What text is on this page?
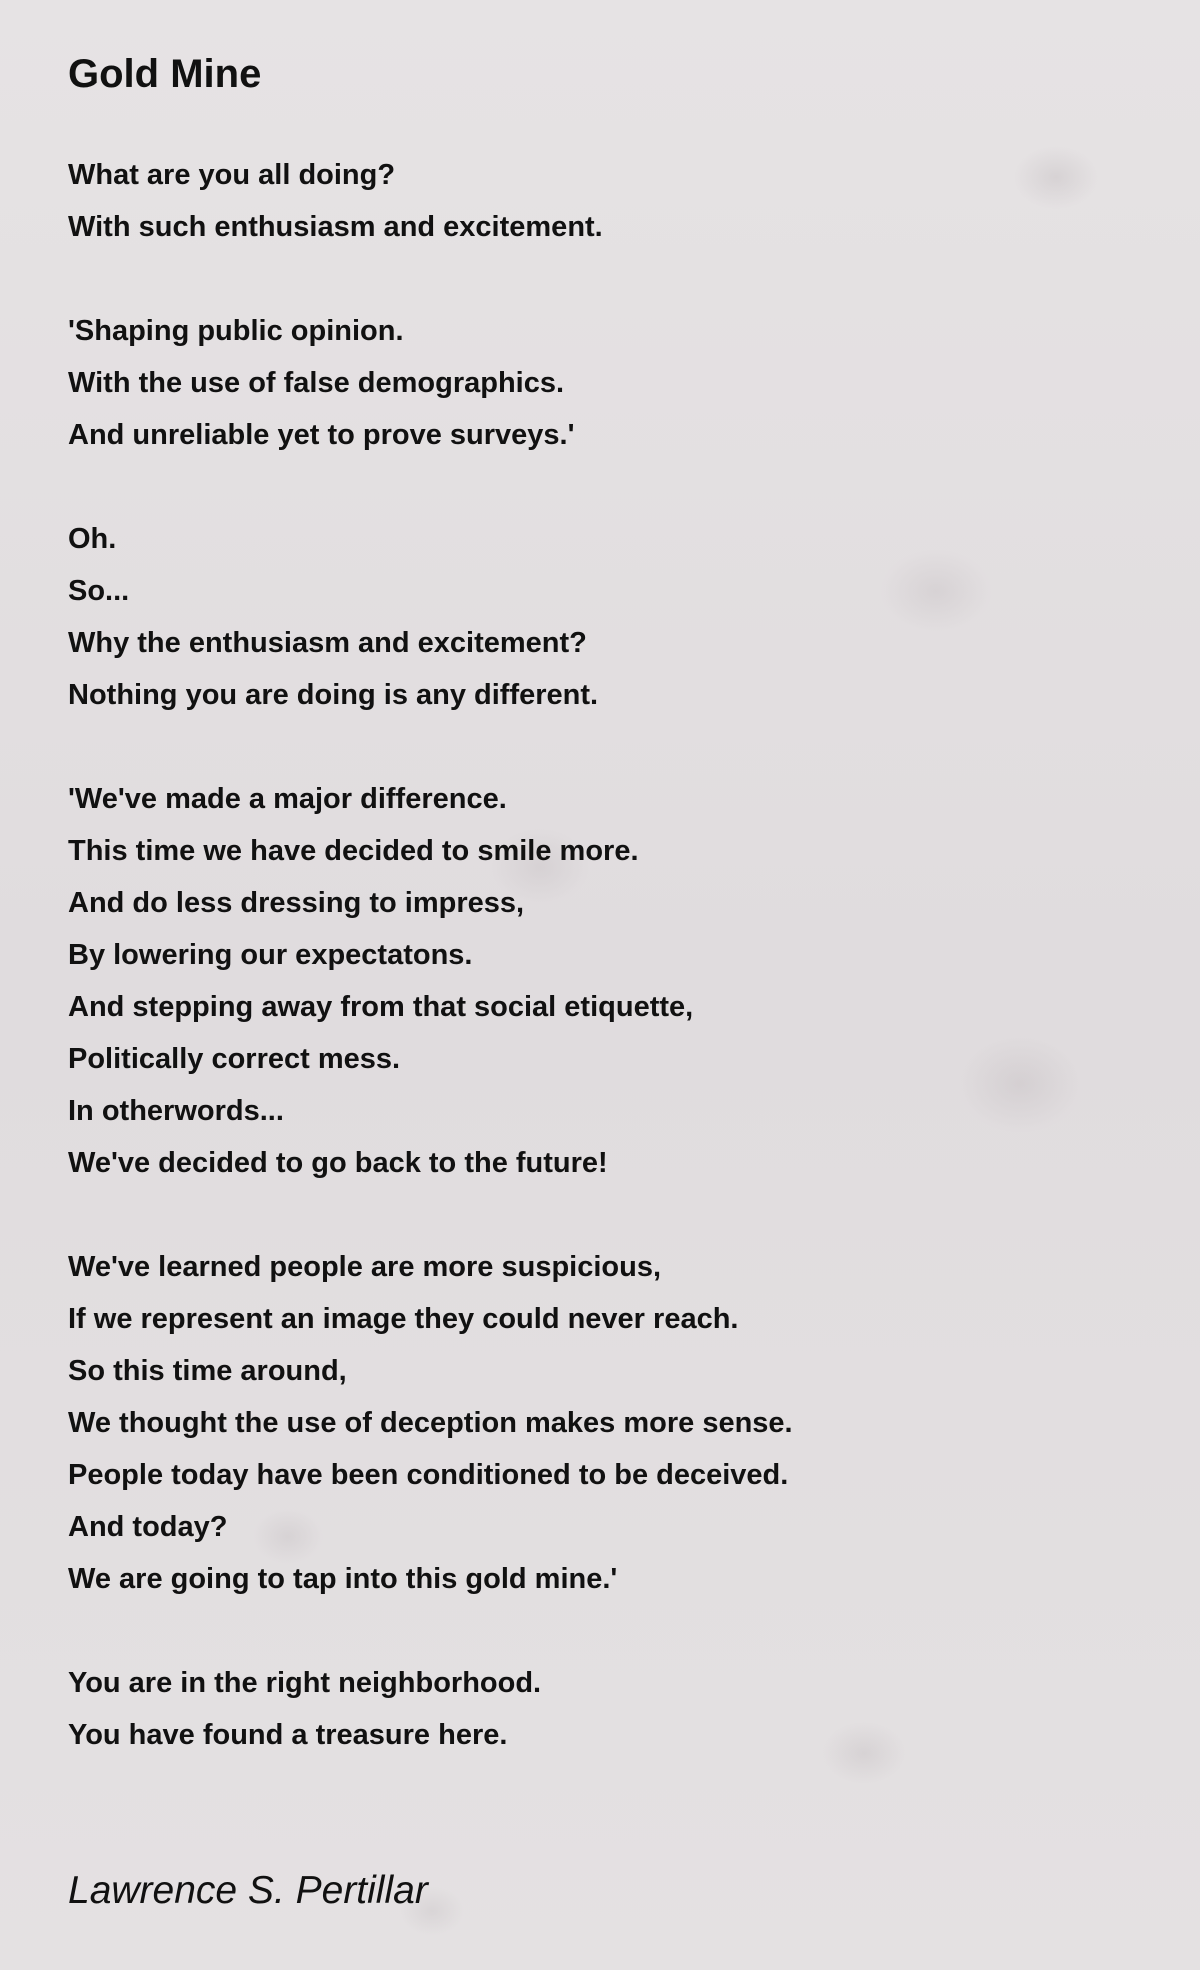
Gold Mine
What are you all doing?
With such enthusiasm and excitement.
'Shaping public opinion.
With the use of false demographics.
And unreliable yet to prove surveys.'
Oh.
So...
Why the enthusiasm and excitement?
Nothing you are doing is any different.
'We've made a major difference.
This time we have decided to smile more.
And do less dressing to impress,
By lowering our expectatons.
And stepping away from that social etiquette,
Politically correct mess.
In otherwords...
We've decided to go back to the future!
We've learned people are more suspicious,
If we represent an image they could never reach.
So this time around,
We thought the use of deception makes more sense.
People today have been conditioned to be deceived.
And today?
We are going to tap into this gold mine.'
You are in the right neighborhood.
You have found a treasure here.

Lawrence S. Pertillar
